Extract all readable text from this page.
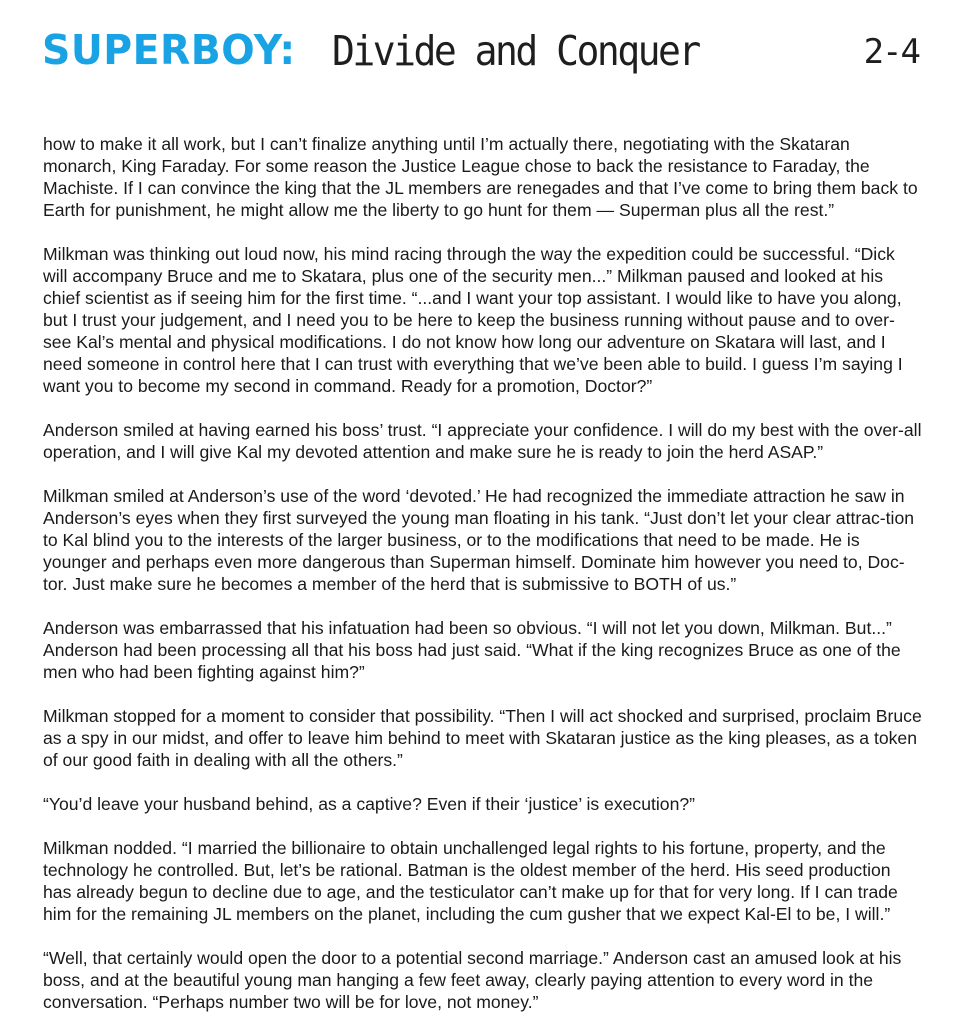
SUPERBOY: Divide and Conquer	2-4

how to make it all work, but I can’t finalize anything until I’m actually there, negotiating with the Skataran monarch, King Faraday. For some reason the Justice League chose to back the resistance to Faraday, the Machiste. If I can convince the king that the JL members are renegades and that I’ve come to bring them back to Earth for punishment, he might allow me the liberty to go hunt for them — Superman plus all the rest.”

Milkman was thinking out loud now, his mind racing through the way the expedition could be successful. “Dick will accompany Bruce and me to Skatara, plus one of the security men...” Milkman paused and looked at his chief scientist as if seeing him for the first time. “...and I want your top assistant. I would like to have you along, but I trust your judgement, and I need you to be here to keep the business running without pause and to over-see Kal’s mental and physical modifications. I do not know how long our adventure on Skatara will last, and I need someone in control here that I can trust with everything that we’ve been able to build. I guess I’m saying I want you to become my second in command. Ready for a promotion, Doctor?”

Anderson smiled at having earned his boss’ trust. “I appreciate your confidence. I will do my best with the over-all operation, and I will give Kal my devoted attention and make sure he is ready to join the herd ASAP.”

Milkman smiled at Anderson’s use of the word ‘devoted.’ He had recognized the immediate attraction he saw in Anderson’s eyes when they first surveyed the young man floating in his tank. “Just don’t let your clear attrac-tion to Kal blind you to the interests of the larger business, or to the modifications that need to be made. He is younger and perhaps even more dangerous than Superman himself. Dominate him however you need to, Doc-tor. Just make sure he becomes a member of the herd that is submissive to BOTH of us.”

Anderson was embarrassed that his infatuation had been so obvious. “I will not let you down, Milkman. But...” Anderson had been processing all that his boss had just said. “What if the king recognizes Bruce as one of the men who had been fighting against him?”

Milkman stopped for a moment to consider that possibility. “Then I will act shocked and surprised, proclaim Bruce as a spy in our midst, and offer to leave him behind to meet with Skataran justice as the king pleases, as a token of our good faith in dealing with all the others.”

“You’d leave your husband behind, as a captive? Even if their ‘justice’ is execution?”

Milkman nodded. “I married the billionaire to obtain unchallenged legal rights to his fortune, property, and the technology he controlled. But, let’s be rational. Batman is the oldest member of the herd. His seed production has already begun to decline due to age, and the testiculator can’t make up for that for very long. If I can trade him for the remaining JL members on the planet, including the cum gusher that we expect Kal-El to be, I will.”

“Well, that certainly would open the door to a potential second marriage.” Anderson cast an amused look at his boss, and at the beautiful young man hanging a few feet away, clearly paying attention to every word in the conversation. “Perhaps number two will be for love, not money.”
